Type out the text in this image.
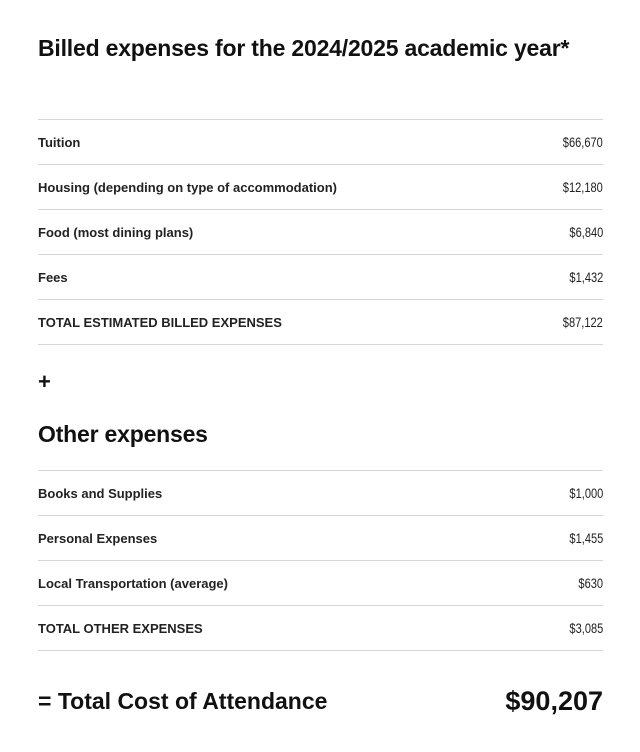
Billed expenses for the 2024/2025 academic year*
Tuition	$66,670
Housing (depending on type of accommodation)	$12,180
Food (most dining plans)	$6,840
Fees	$1,432
TOTAL ESTIMATED BILLED EXPENSES	$87,122
+
Other expenses
Books and Supplies	$1,000
Personal Expenses	$1,455
Local Transportation (average)	$630
TOTAL OTHER EXPENSES	$3,085
= Total Cost of Attendance	$90,207
